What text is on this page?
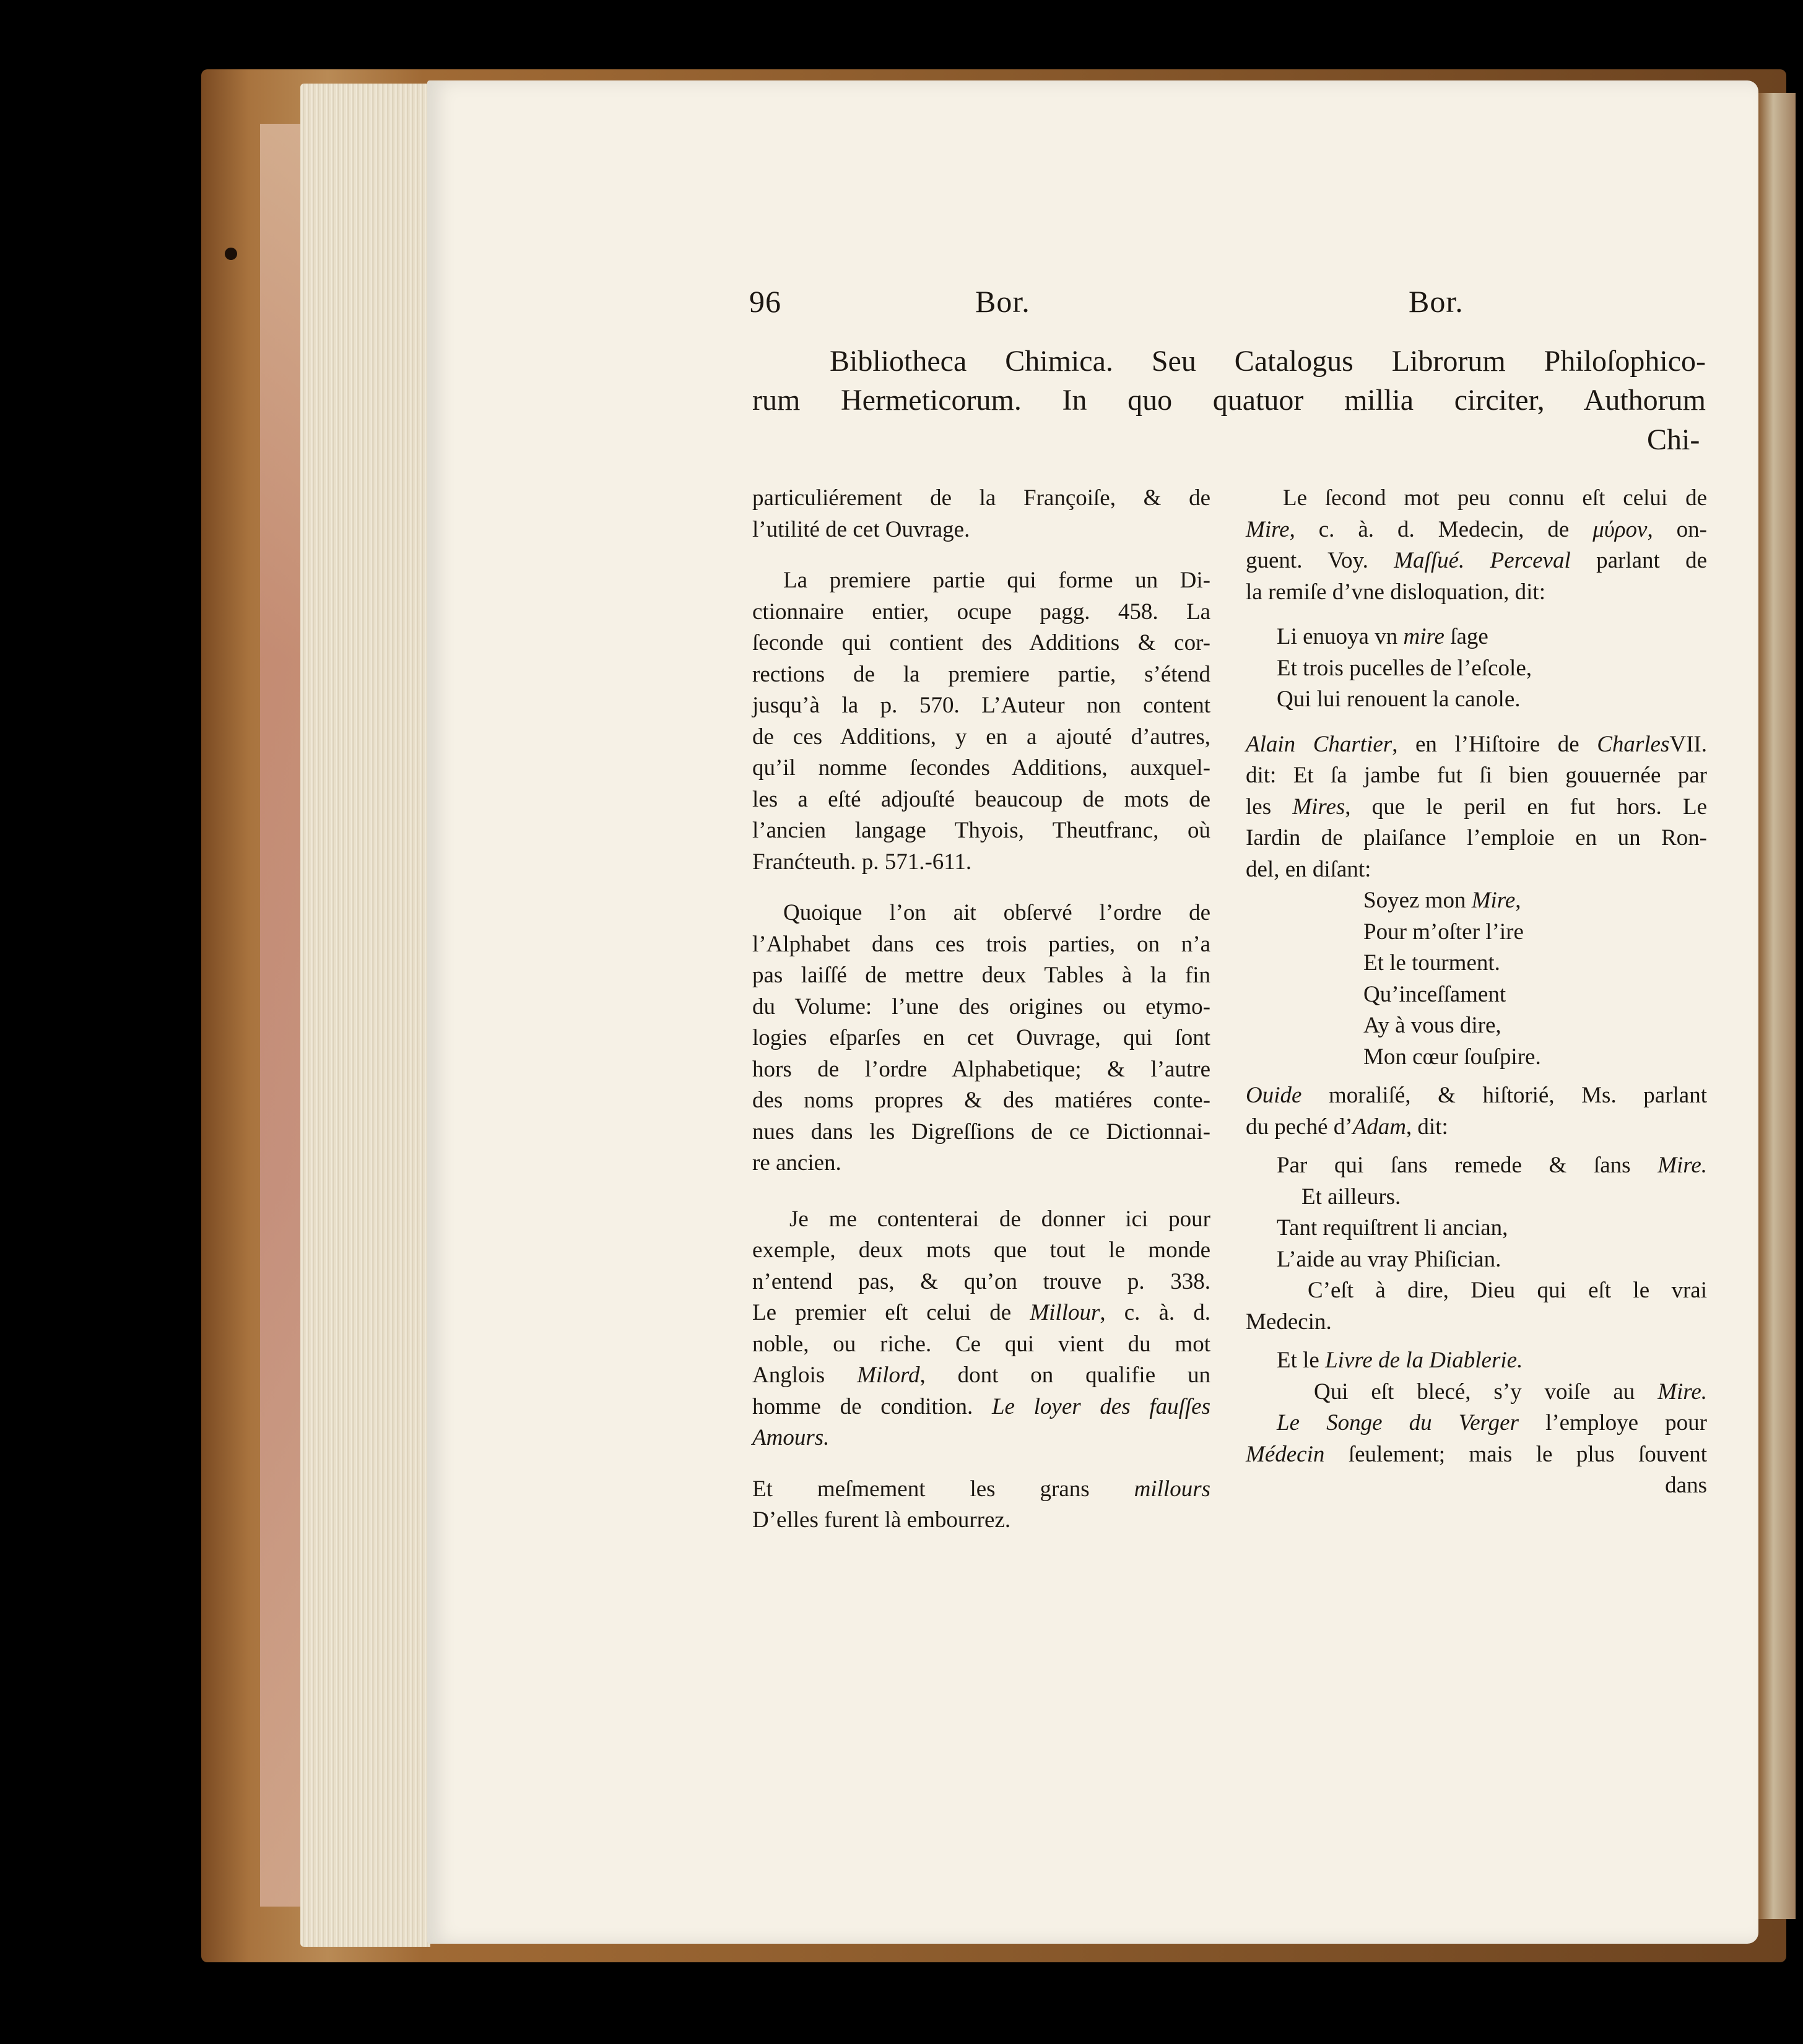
96	Bor.	Bor.
Bibliotheca Chimica. Seu Catalogus Librorum Philoſophico-
rum Hermeticorum. In quo quatuor millia circiter, Authorum
Chi-
particuliérement de la Françoiſe, & de
l’utilité de cet Ouvrage.
La premiere partie qui forme un Di-
ctionnaire entier, ocupe pagg. 458. La
ſeconde qui contient des Additions & cor-
rections de la premiere partie, s’étend
jusqu’à la p. 570. L’Auteur non content
de ces Additions, y en a ajouté d’autres,
qu’il nomme ſecondes Additions, auxquel-
les a eſté adjouſté beaucoup de mots de
l’ancien langage Thyois, Theutfranc, où
Franćteuth. p. 571.-611.
Quoique l’on ait obſervé l’ordre de
l’Alphabet dans ces trois parties, on n’a
pas laiſſé de mettre deux Tables à la fin
du Volume: l’une des origines ou etymo-
logies eſparſes en cet Ouvrage, qui ſont
hors de l’ordre Alphabetique; & l’autre
des noms propres & des matiéres conte-
nues dans les Digreſſions de ce Dictionnai-
re ancien.
Je me contenterai de donner ici pour
exemple, deux mots que tout le monde
n’entend pas, & qu’on trouve p. 338.
Le premier eſt celui de Millour, c. à. d.
noble, ou riche. Ce qui vient du mot
Anglois Milord, dont on qualifie un
homme de condition. Le loyer des fauſſes
Amours.
Et meſmement les grans millours
D’elles furent là embourrez.
Le ſecond mot peu connu eſt celui de
Mire, c. à. d. Medecin, de μύρον, on-
guent. Voy. Maſſué. Perceval parlant de
la remiſe d’vne disloquation, dit:
Li enuoya vn mire ſage
Et trois pucelles de l’eſcole,
Qui lui renouent la canole.
Alain Chartier, en l’Hiſtoire de CharlesVII.
dit: Et ſa jambe fut ſi bien gouuernée par
les Mires, que le peril en fut hors. Le
Iardin de plaiſance l’emploie en un Ron-
del, en diſant:
Soyez mon Mire,
Pour m’oſter l’ire
Et le tourment.
Qu’inceſſament
Ay à vous dire,
Mon cœur ſouſpire.
Ouide moraliſé, & hiſtorié, Ms. parlant
du peché d’Adam, dit:
Par qui ſans remede & ſans Mire.
Et ailleurs.
Tant requiſtrent li ancian,
L’aide au vray Phiſician.
C’eſt à dire, Dieu qui eſt le vrai
Medecin.
Et le Livre de la Diablerie.
Qui eſt blecé, s’y voiſe au Mire.
Le Songe du Verger l’employe pour
Médecin ſeulement; mais le plus ſouvent
dans
